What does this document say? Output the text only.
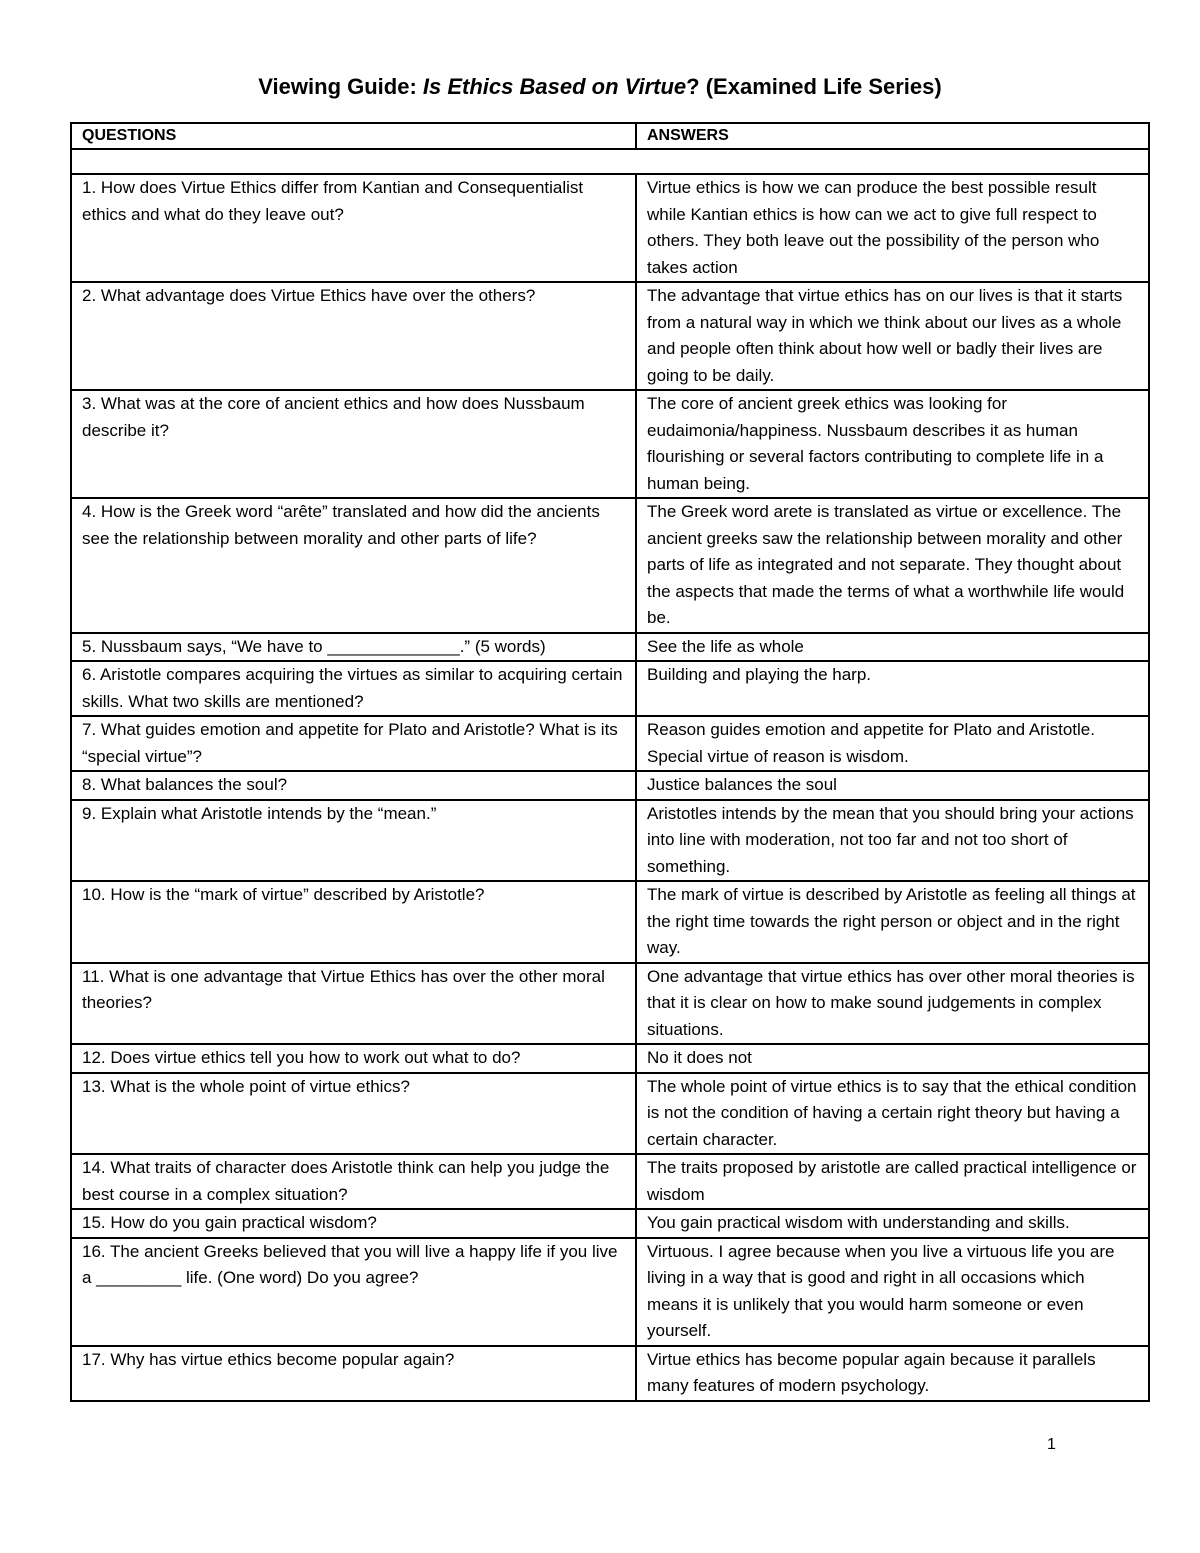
Viewing Guide: Is Ethics Based on Virtue? (Examined Life Series)
QUESTIONS	ANSWERS

1. How does Virtue Ethics differ from Kantian and Consequentialist ethics and what do they leave out?	Virtue ethics is how we can produce the best possible result while Kantian ethics is how can we act to give full respect to others. They both leave out the possibility of the person who takes action
2. What advantage does Virtue Ethics have over the others?	The advantage that virtue ethics has on our lives is that it starts from a natural way in which we think about our lives as a whole and people often think about how well or badly their lives are going to be daily.
3. What was at the core of ancient ethics and how does Nussbaum describe it?	The core of ancient greek ethics was looking for eudaimonia/happiness. Nussbaum describes it as human flourishing or several factors contributing to complete life in a human being.
4. How is the Greek word “arête” translated and how did the ancients see the relationship between morality and other parts of life?	The Greek word arete is translated as virtue or excellence. The ancient greeks saw the relationship between morality and other parts of life as integrated and not separate. They thought about the aspects that made the terms of what a worthwhile life would be.
5. Nussbaum says, “We have to ______________.” (5 words)	See the life as whole
6. Aristotle compares acquiring the virtues as similar to acquiring certain skills. What two skills are mentioned?	Building and playing the harp.
7. What guides emotion and appetite for Plato and Aristotle? What is its “special virtue”?	Reason guides emotion and appetite for Plato and Aristotle. Special virtue of reason is wisdom.
8. What balances the soul?	Justice balances the soul
9. Explain what Aristotle intends by the “mean.”	Aristotles intends by the mean that you should bring your actions into line with moderation, not too far and not too short of something.
10. How is the “mark of virtue” described by Aristotle?	The mark of virtue is described by Aristotle as feeling all things at the right time towards the right person or object and in the right way.
11. What is one advantage that Virtue Ethics has over the other moral theories?	One advantage that virtue ethics has over other moral theories is that it is clear on how to make sound judgements in complex situations.
12. Does virtue ethics tell you how to work out what to do?	No it does not
13. What is the whole point of virtue ethics?	The whole point of virtue ethics is to say that the ethical condition is not the condition of having a certain right theory but having a certain character.
14. What traits of character does Aristotle think can help you judge the best course in a complex situation?	The traits proposed by aristotle are called practical intelligence or wisdom
15. How do you gain practical wisdom?	You gain practical wisdom with understanding and skills.
16. The ancient Greeks believed that you will live a happy life if you live a _________ life. (One word) Do you agree?	Virtuous. I agree because when you live a virtuous life you are living in a way that is good and right in all occasions which means it is unlikely that you would harm someone or even yourself.
17. Why has virtue ethics become popular again?	Virtue ethics has become popular again because it parallels many features of modern psychology.
1
